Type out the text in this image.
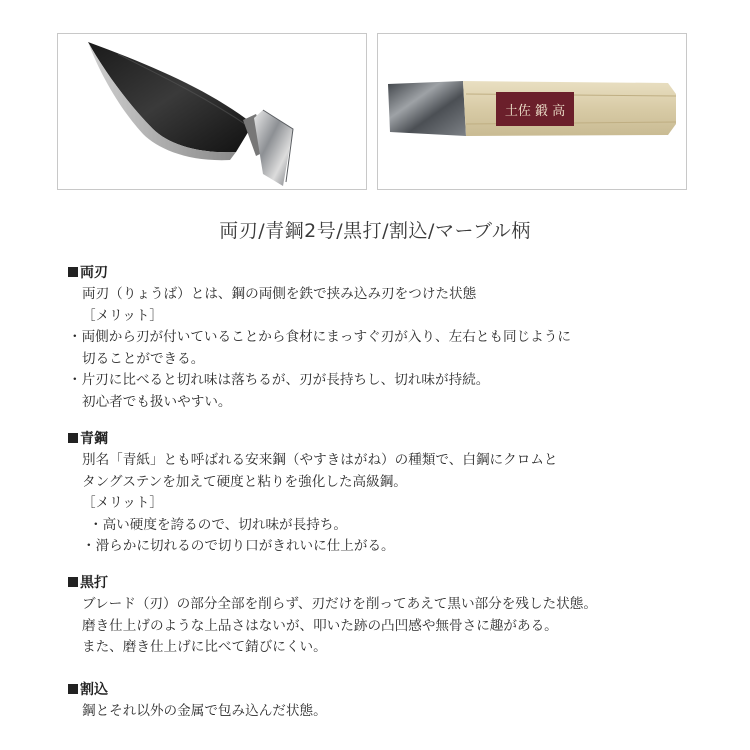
土佐 鍛 高
両刃/青鋼2号/黒打/割込/マーブル柄
両刃
両刃（りょうば）とは、鋼の両側を鉄で挟み込み刃をつけた状態
［メリット］
・両側から刃が付いていることから食材にまっすぐ刃が入り、左右とも同じように
切ることができる。
・片刃に比べると切れ味は落ちるが、刃が長持ちし、切れ味が持続。
初心者でも扱いやすい。
青鋼
別名「青紙」とも呼ばれる安来鋼（やすきはがね）の種類で、白鋼にクロムと
タングステンを加えて硬度と粘りを強化した高級鋼。
［メリット］
・高い硬度を誇るので、切れ味が長持ち。
・滑らかに切れるので切り口がきれいに仕上がる。
黒打
ブレード（刃）の部分全部を削らず、刃だけを削ってあえて黒い部分を残した状態。
磨き仕上げのような上品さはないが、叩いた跡の凸凹感や無骨さに趣がある。
また、磨き仕上げに比べて錆びにくい。
割込
鋼とそれ以外の金属で包み込んだ状態。
